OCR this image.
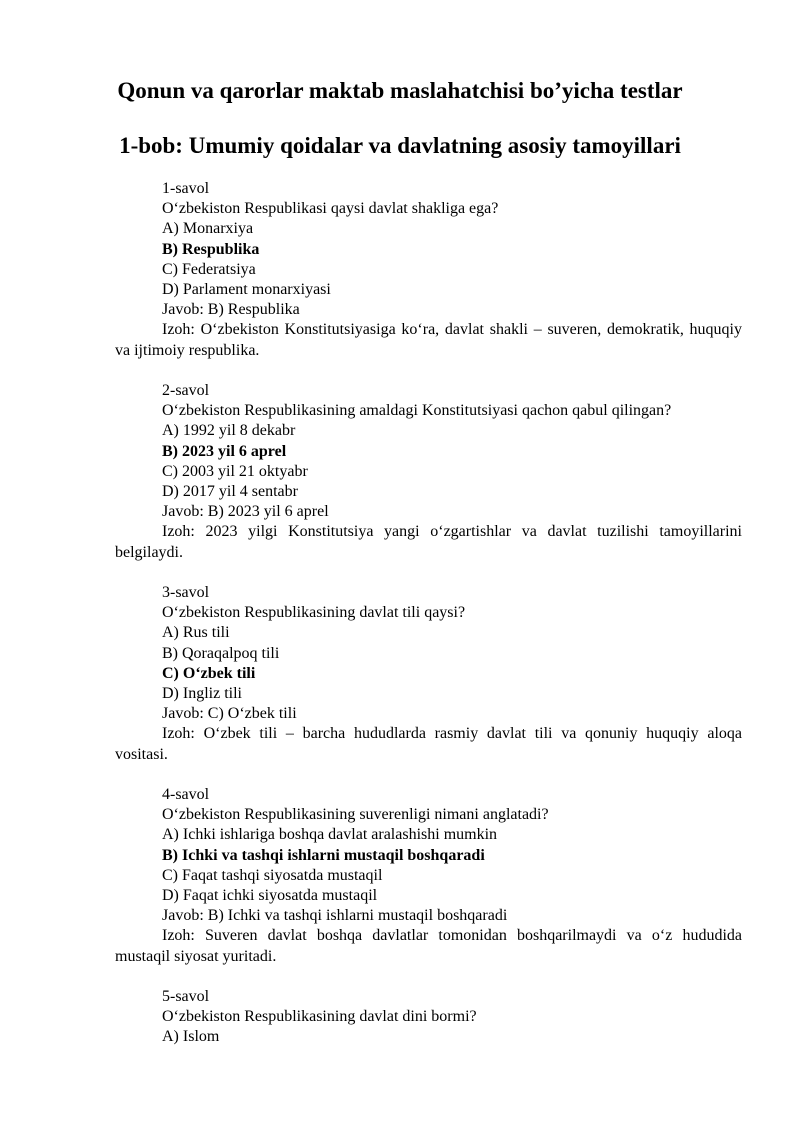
Qonun va qarorlar maktab maslahatchisi bo’yicha testlar
1-bob: Umumiy qoidalar va davlatning asosiy tamoyillari

1-savol

O‘zbekiston Respublikasi qaysi davlat shakliga ega?

A) Monarxiya

B) Respublika

C) Federatsiya

D) Parlament monarxiyasi

Javob: B) Respublika

Izoh: O‘zbekiston Konstitutsiyasiga ko‘ra, davlat shakli – suveren, demokratik, huquqiy va ijtimoiy respublika.

2-savol

O‘zbekiston Respublikasining amaldagi Konstitutsiyasi qachon qabul qilingan?

A) 1992 yil 8 dekabr

B) 2023 yil 6 aprel

C) 2003 yil 21 oktyabr

D) 2017 yil 4 sentabr

Javob: B) 2023 yil 6 aprel

Izoh: 2023 yilgi Konstitutsiya yangi o‘zgartishlar va davlat tuzilishi tamoyillarini belgilaydi.

3-savol

O‘zbekiston Respublikasining davlat tili qaysi?

A) Rus tili

B) Qoraqalpoq tili

C) O‘zbek tili

D) Ingliz tili

Javob: C) O‘zbek tili

Izoh: O‘zbek tili – barcha hududlarda rasmiy davlat tili va qonuniy huquqiy aloqa vositasi.

4-savol

O‘zbekiston Respublikasining suverenligi nimani anglatadi?

A) Ichki ishlariga boshqa davlat aralashishi mumkin

B) Ichki va tashqi ishlarni mustaqil boshqaradi

C) Faqat tashqi siyosatda mustaqil

D) Faqat ichki siyosatda mustaqil

Javob: B) Ichki va tashqi ishlarni mustaqil boshqaradi

Izoh: Suveren davlat boshqa davlatlar tomonidan boshqarilmaydi va o‘z hududida mustaqil siyosat yuritadi.

5-savol

O‘zbekiston Respublikasining davlat dini bormi?

A) Islom
